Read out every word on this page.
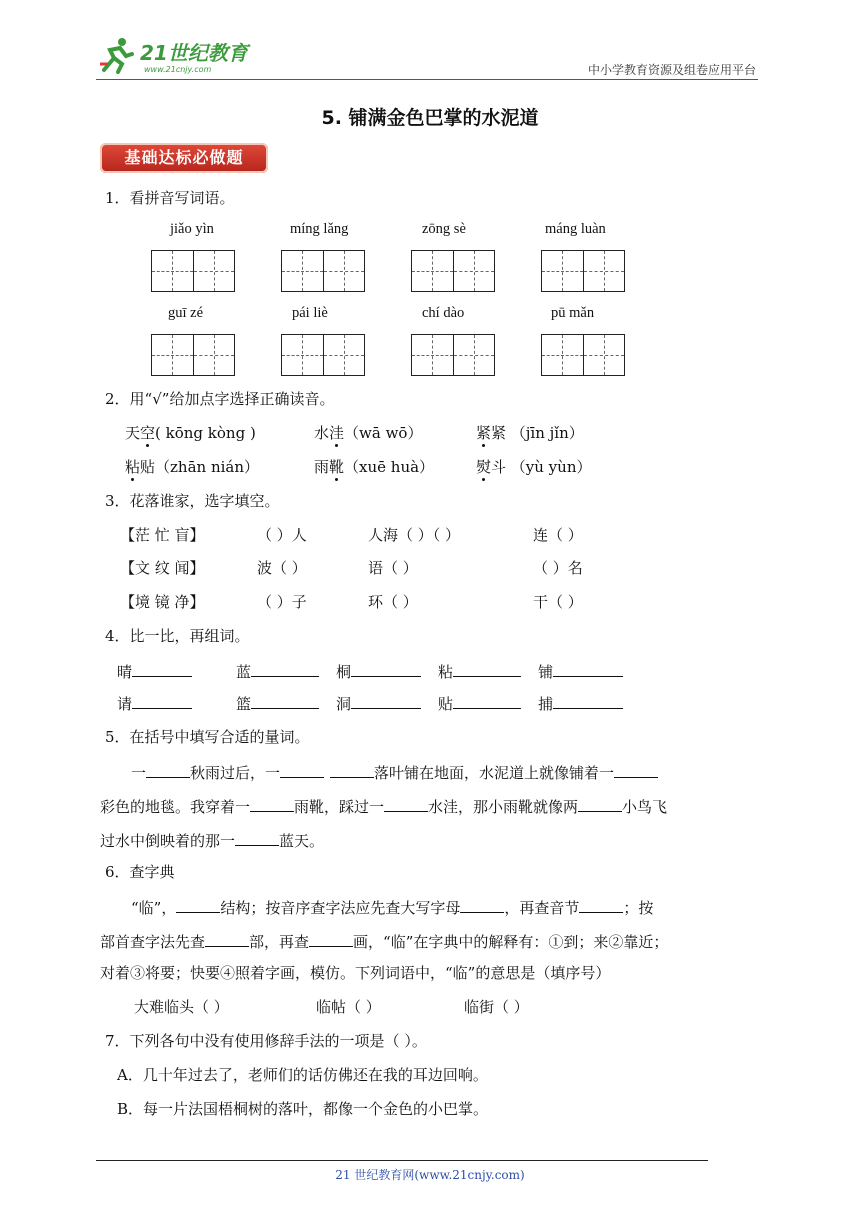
21世纪教育
www.21cnjy.com	中小学教育资源及组卷应用平台
5. 铺满金色巴掌的水泥道
基础达标必做题
1．看拼音写词语。
jiǎo yìn	míng lǎng	zōng sè	máng luàn
guī zé	pái liè	chí dào	pū mǎn
2．用“√”给加点字选择正确读音。
天空( kōng kòng )	水洼（wā wō）	紧紧 （jīn jǐn）
粘贴（zhān nián）	雨靴（xuē huà）	熨斗 （yù yùn）
3．花落谁家，选字填空。
【茫 忙 盲】	（ ）人	人海（ ）（ ）	连（ ）
【文 纹 闻】	波（ ）	语（ ）	（ ）名
【境 镜 净】	（ ）子	环（ ）	干（ ）
4．比一比，再组词。
晴	蓝	桐	粘	铺
请	篮	洞	贴	捕
5．在括号中填写合适的量词。
一	秋雨过后，一	落叶铺在地面，水泥道上就像铺着一
彩色的地毯。我穿着一	雨靴，踩过一	水洼，那小雨靴就像两	小鸟飞
过水中倒映着的那一	蓝天。
6．查字典
“临”，	结构；按音序查字法应先查大写字母	，再查音节	；按
部首查字法先查	部，再查	画，“临”在字典中的解释有：①到；来②靠近；
对着③将要；快要④照着字画，模仿。下列词语中，“临”的意思是（填序号）
大难临头（ ）	临帖（ ）	临街（ ）
7．下列各句中没有使用修辞手法的一项是（ ）。
A．几十年过去了，老师们的话仿佛还在我的耳边回响。
B．每一片法国梧桐树的落叶，都像一个金色的小巴掌。
21 世纪教育网(www.21cnjy.com)
